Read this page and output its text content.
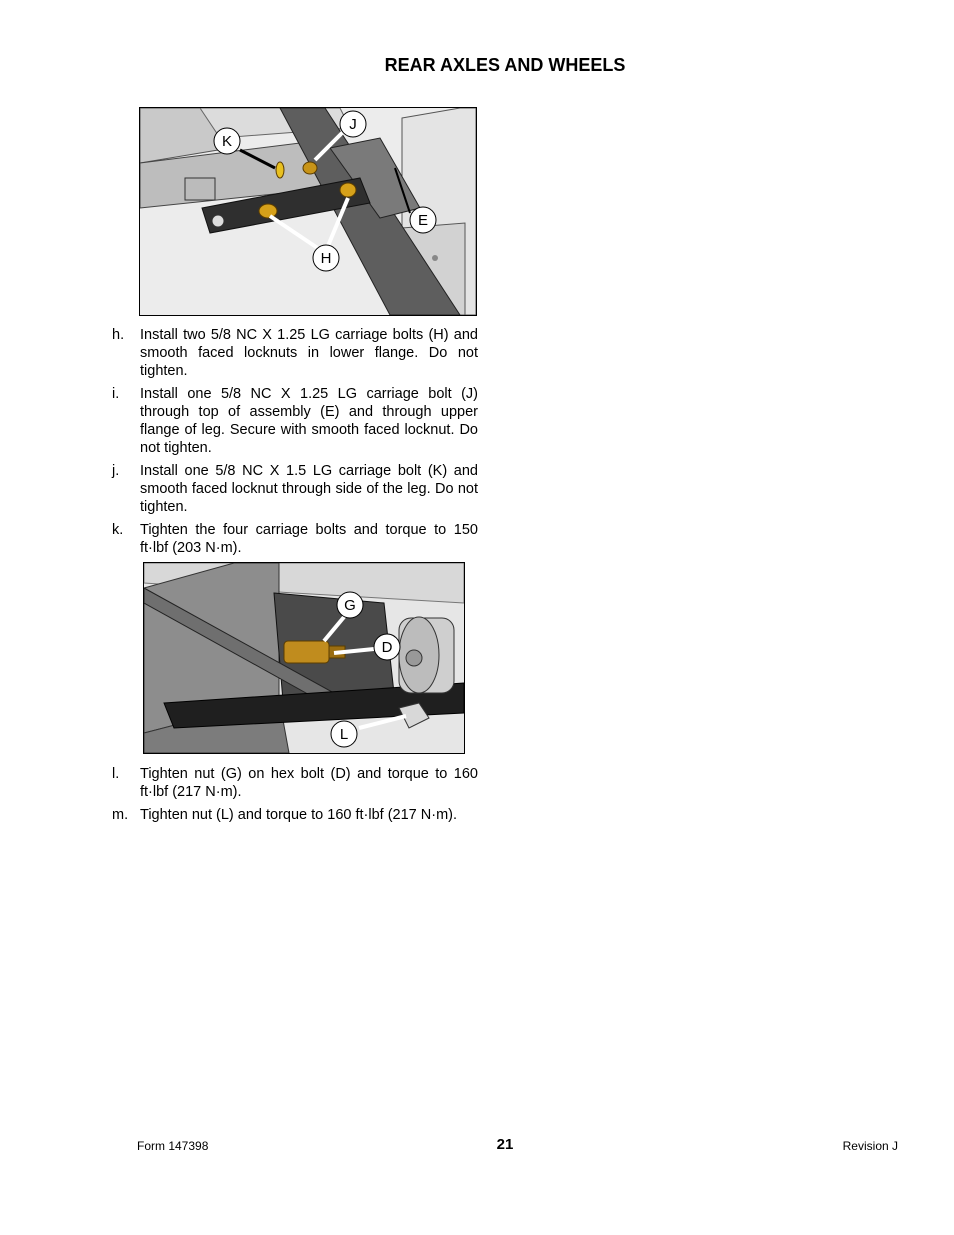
REAR AXLES AND WHEELS
K
J
E
H
h.	Install two 5/8 NC X 1.25 LG carriage bolts (H) and smooth faced locknuts in lower flange. Do not tighten.
i.	Install one 5/8 NC X 1.25 LG carriage bolt (J) through top of assembly (E) and through upper flange of leg. Secure with smooth faced locknut. Do not tighten.
j.	Install one 5/8 NC X 1.5 LG carriage bolt (K) and smooth faced locknut through side of the leg. Do not tighten.
k.	Tighten the four carriage bolts and torque to 150 ft·lbf (203 N·m).
G
D
L
l.	Tighten nut (G) on hex bolt (D) and torque to 160 ft·lbf (217 N·m).
m. Tighten nut (L) and torque to 160 ft·lbf (217 N·m).
Form 147398	21	Revision J
